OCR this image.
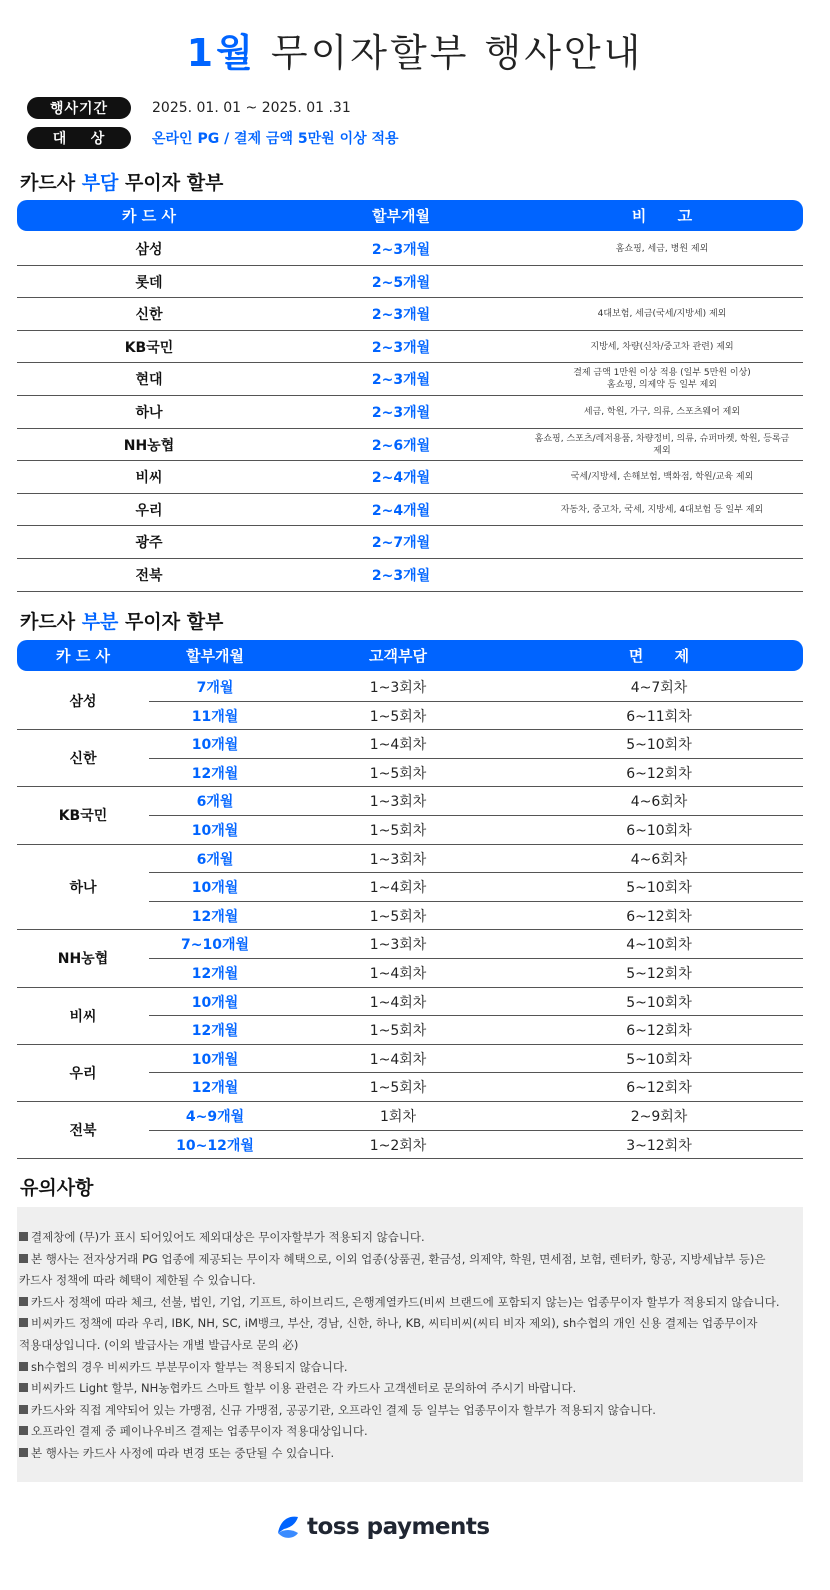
1월 무이자할부 행사안내
행사기간	2025. 01. 01 ~ 2025. 01 .31
대    상	온라인 PG / 결제 금액 5만원 이상 적용
카드사 부담 무이자 할부
카 드 사	할부개월	비      고
삼성	2~3개월	홈쇼핑, 세금, 병원 제외
롯데	2~5개월
신한	2~3개월	4대보험, 세금(국세/지방세) 제외
KB국민	2~3개월	지방세, 차량(신차/중고차 관련) 제외
현대	2~3개월	결제 금액 1만원 이상 적용 (일부 5만원 이상)
홈쇼핑, 의제약 등 일부 제외
하나	2~3개월	세금, 학원, 가구, 의류, 스포츠웨어 제외
NH농협	2~6개월	홈쇼핑, 스포츠/레저용품, 차량정비, 의류, 슈퍼마켓, 학원, 등록금 제외
비씨	2~4개월	국세/지방세, 손해보험, 백화점, 학원/교육 제외
우리	2~4개월	자동차, 중고차, 국세, 지방세, 4대보험 등 일부 제외
광주	2~7개월
전북	2~3개월
카드사 부분 무이자 할부
카 드 사	할부개월	고객부담	면      제
삼성
7개월	1~3회차	4~7회차
11개월	1~5회차	6~11회차
신한
10개월	1~4회차	5~10회차
12개월	1~5회차	6~12회차
KB국민
6개월	1~3회차	4~6회차
10개월	1~5회차	6~10회차
하나
6개월	1~3회차	4~6회차
10개월	1~4회차	5~10회차
12개월	1~5회차	6~12회차
NH농협
7~10개월	1~3회차	4~10회차
12개월	1~4회차	5~12회차
비씨
10개월	1~4회차	5~10회차
12개월	1~5회차	6~12회차
우리
10개월	1~4회차	5~10회차
12개월	1~5회차	6~12회차
전북
4~9개월	1회차	2~9회차
10~12개월	1~2회차	3~12회차
유의사항
결제창에 (무)가 표시 되어있어도 제외대상은 무이자할부가 적용되지 않습니다.
본 행사는 전자상거래 PG 업종에 제공되는 무이자 혜택으로, 이외 업종(상품권, 환금성, 의제약, 학원, 면세점, 보험, 렌터카, 항공, 지방세납부 등)은
카드사 정책에 따라 혜택이 제한될 수 있습니다.
카드사 정책에 따라 체크, 선불, 법인, 기업, 기프트, 하이브리드, 은행계열카드(비씨 브랜드에 포함되지 않는)는 업종무이자 할부가 적용되지 않습니다.
비씨카드 정책에 따라 우리, IBK, NH, SC, iM뱅크, 부산, 경남, 신한, 하나, KB, 씨티비씨(씨티 비자 제외), sh수협의 개인 신용 결제는 업종무이자
적용대상입니다. (이외 발급사는 개별 발급사로 문의 必)
sh수협의 경우 비씨카드 부분무이자 할부는 적용되지 않습니다.
비씨카드 Light 할부, NH농협카드 스마트 할부 이용 관련은 각 카드사 고객센터로 문의하여 주시기 바랍니다.
카드사와 직접 계약되어 있는 가맹점, 신규 가맹점, 공공기관, 오프라인 결제 등 일부는 업종무이자 할부가 적용되지 않습니다.
오프라인 결제 중 페이나우비즈 결제는 업종무이자 적용대상입니다.
본 행사는 카드사 사정에 따라 변경 또는 중단될 수 있습니다.
toss payments
